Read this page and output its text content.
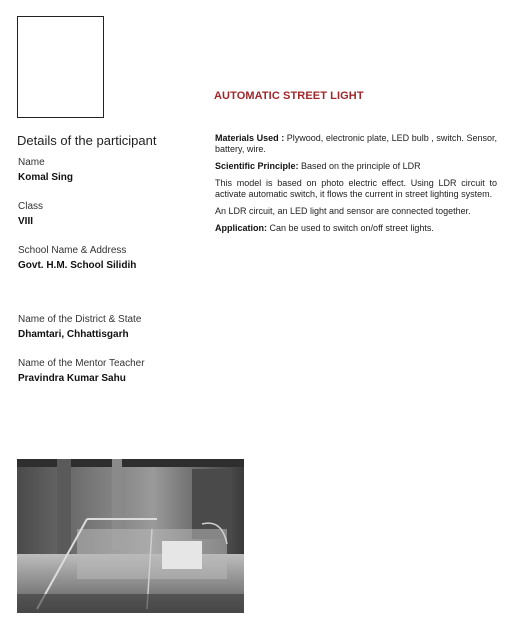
Details of the participant
Name
Komal Sing
Class
VIII
School Name & Address
Govt. H.M. School Silidih
Name of the District & State
Dhamtari, Chhattisgarh
Name of the Mentor Teacher
Pravindra Kumar Sahu
AUTOMATIC STREET LIGHT

Materials Used : Plywood, electronic plate, LED bulb , switch. Sensor, battery, wire.

Scientific Principle: Based on the principle of LDR

This model is based on photo electric effect. Using LDR circuit to activate automatic switch, it flows the current in street lighting system.

An LDR circuit, an LED light and sensor are connected together.

Application: Can be used to switch on/off street lights.
